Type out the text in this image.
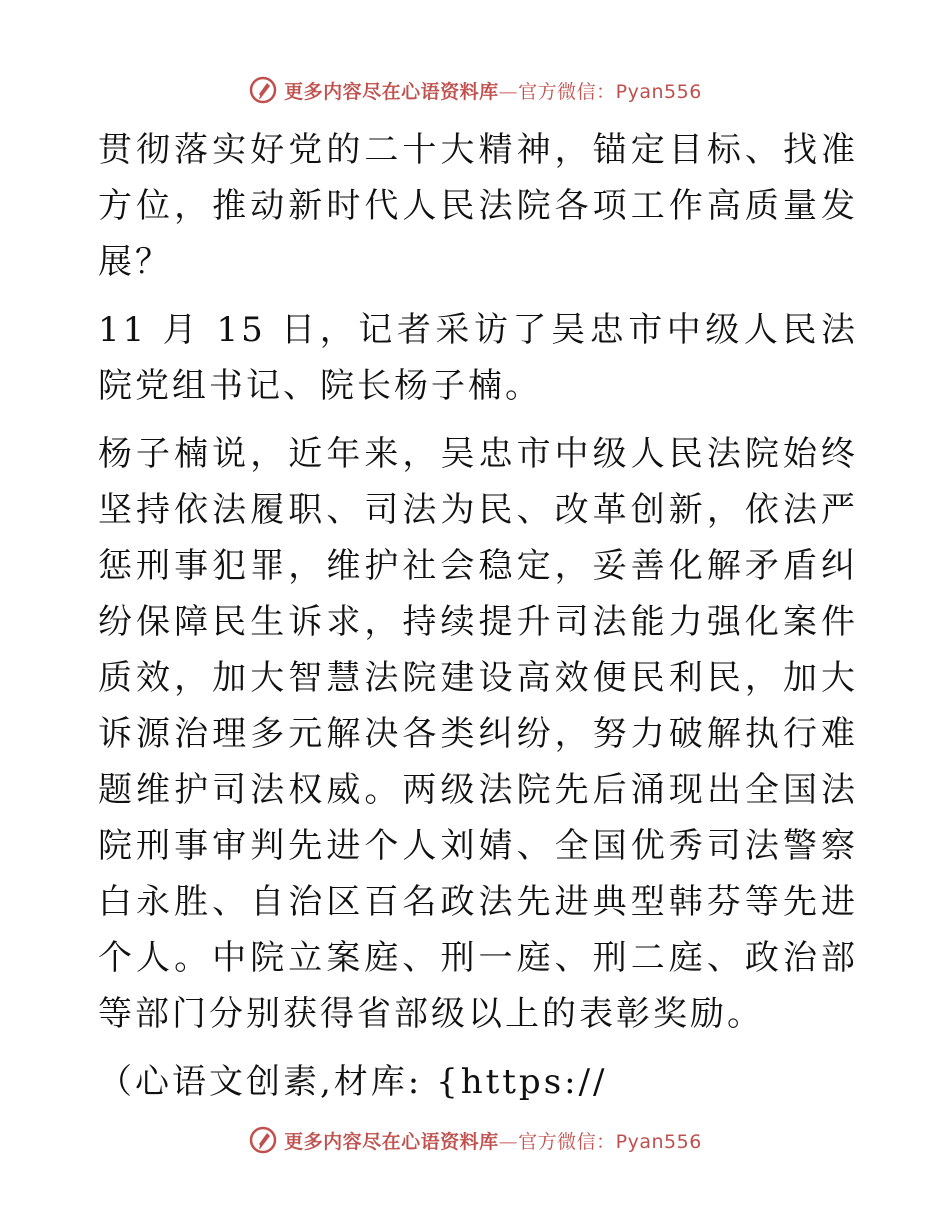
更多内容尽在心语资料库—官方微信：Pyan556

贯彻落实好党的二十大精神，锚定目标、找准方位，推动新时代人民法院各项工作高质量发展？

11 月 15 日，记者采访了吴忠市中级人民法院党组书记、院长杨子楠。

杨子楠说，近年来，吴忠市中级人民法院始终坚持依法履职、司法为民、改革创新，依法严惩刑事犯罪，维护社会稳定，妥善化解矛盾纠纷保障民生诉求，持续提升司法能力强化案件质效，加大智慧法院建设高效便民利民，加大诉源治理多元解决各类纠纷，努力破解执行难题维护司法权威。两级法院先后涌现出全国法院刑事审判先进个人刘婧、全国优秀司法警察白永胜、自治区百名政法先进典型韩芬等先进个人。中院立案庭、刑一庭、刑二庭、政治部等部门分别获得省部级以上的表彰奖励。

（心语文创素,材库: {https://

更多内容尽在心语资料库—官方微信：Pyan556
